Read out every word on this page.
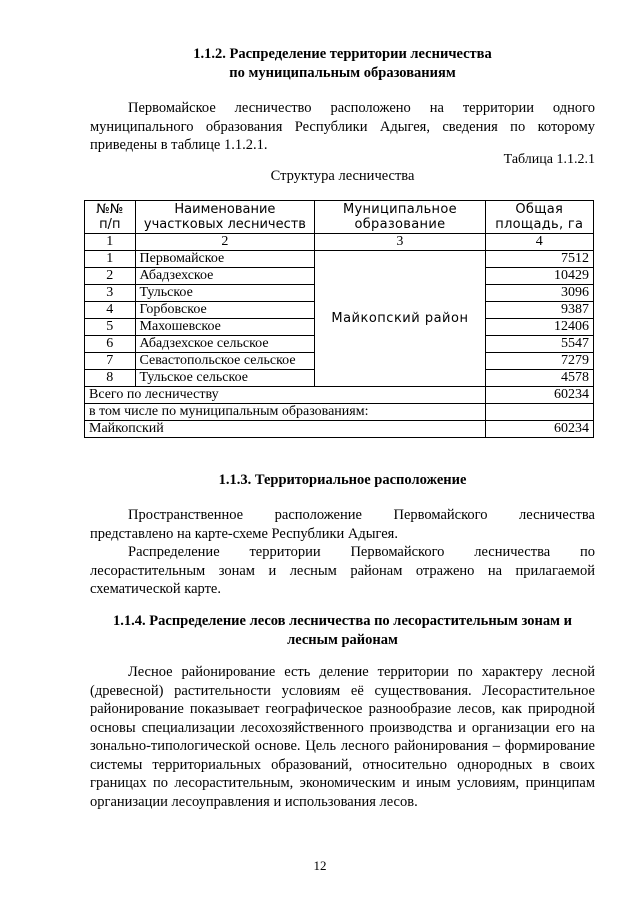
1.1.2. Распределение территории лесничества
по муниципальным образованиям
Первомайское лесничество расположено на территории одного муниципального образования Республики Адыгея, сведения по которому приведены в таблице 1.1.2.1.
Таблица 1.1.2.1
Структура лесничества
№№ п/п	Наименование участковых лесничеств	Муниципальное образование	Общая площадь, га
1	2	3	4
1	Первомайское	Майкопский район	7512
2	Абадзехское		10429
3	Тульское		3096
4	Горбовское		9387
5	Махошевское		12406
6	Абадзехское сельское		5547
7	Севастопольское сельское		7279
8	Тульское сельское		4578
Всего по лесничеству			60234
в том числе по муниципальным образованиям:			
Майкопский			60234
1.1.3. Территориальное расположение
Пространственное расположение Первомайского лесничества представлено на карте-схеме Республики Адыгея.
Распределение территории Первомайского лесничества по лесорастительным зонам и лесным районам отражено на прилагаемой схематической карте.
1.1.4. Распределение лесов лесничества по лесорастительным зонам и
лесным районам
Лесное районирование есть деление территории по характеру лесной (древесной) растительности условиям её существования. Лесорастительное районирование показывает географическое разнообразие лесов, как природной основы специализации лесохозяйственного производства и организации его на зонально-типологической основе. Цель лесного районирования – формирование системы территориальных образований, относительно однородных в своих границах по лесорастительным, экономическим и иным условиям, принципам организации лесоуправления и использования лесов.
12
